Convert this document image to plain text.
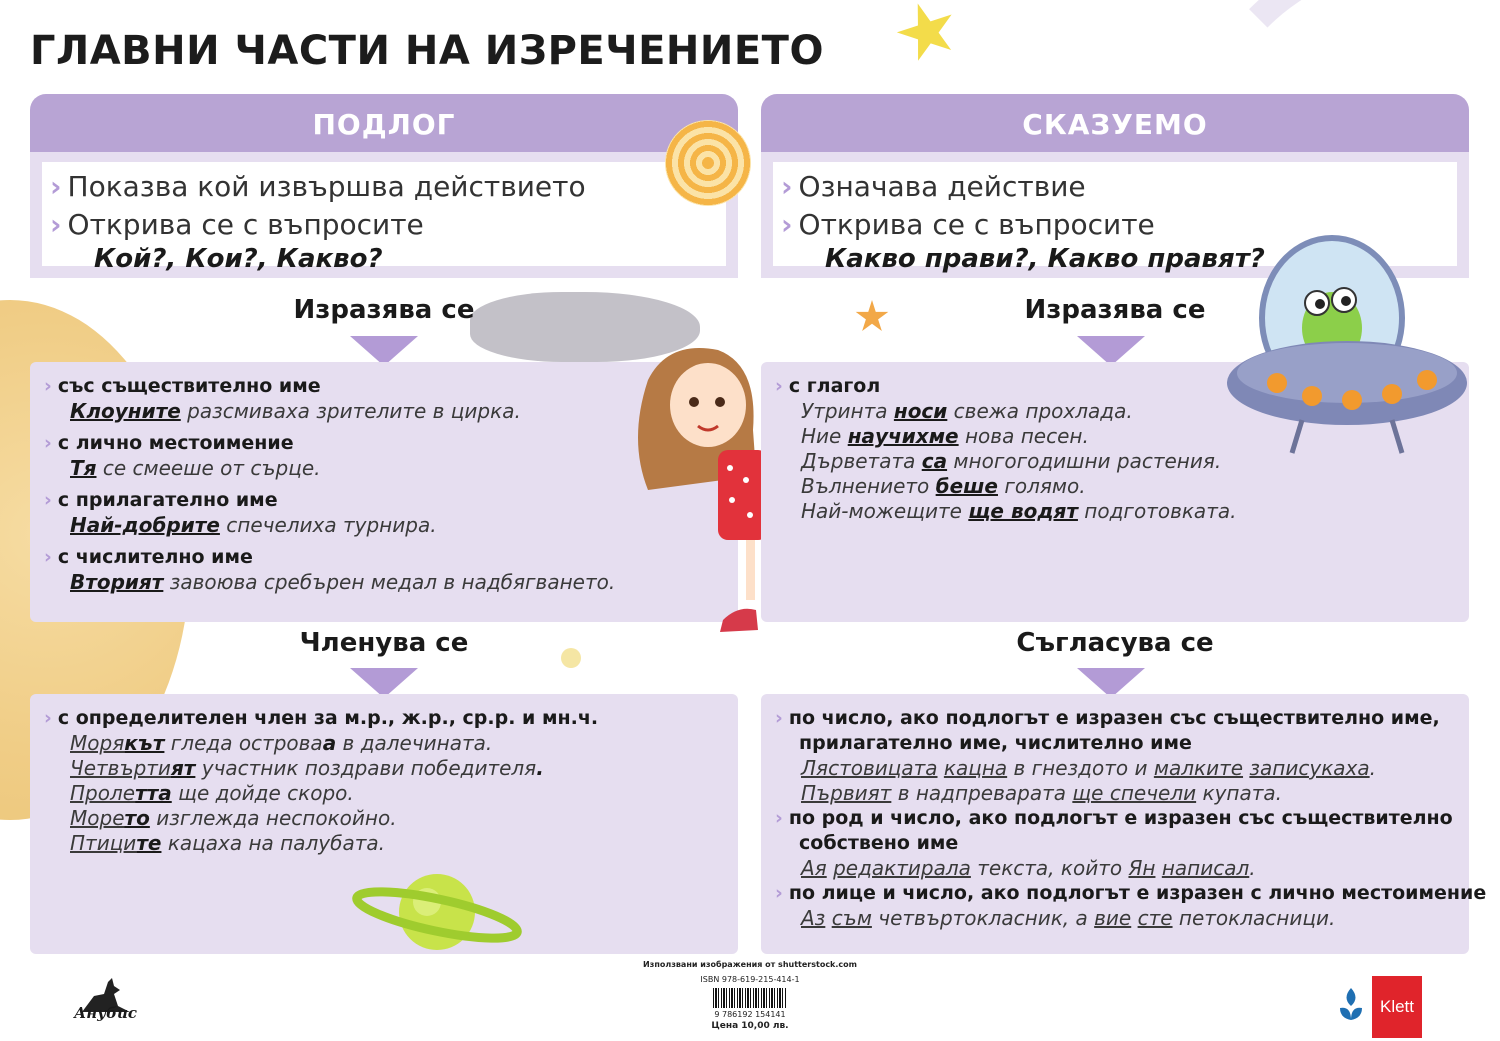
ГЛАВНИ ЧАСТИ НА ИЗРЕЧЕНИЕТО
ПОДЛОГ
› Показва кой извършва действието
› Открива се с въпросите
Кой?, Кои?, Какво?
Изразява се
› със съществително име
Клоуните разсмиваха зрителите в цирка.
› с лично местоимение
Тя се смееше от сърце.
› с прилагателно име
Най-добрите спечелиха турнира.
› с числително име
Вторият завоюва сребърен медал в надбягването.
Членува се
› с определителен член за м.р., ж.р., ср.р. и мн.ч.
Морякът гледа островаа в далечината.
Четвъртият участник поздрави победителя.
Пролетта ще дойде скоро.
Морето изглежда неспокойно.
Птиците кацаха на палубата.
СКАЗУЕМО
› Означава действие
› Открива се с въпросите
Какво прави?, Какво правят?
Изразява се
› с глагол
Утринта носи свежа прохлада.
Ние научихме нова песен.
Дърветата са многогодишни растения.
Вълнението беше голямо.
Най-можещите ще водят подготовката.
Съгласува се
› по число, ако подлогът е изразен със съществително име,
прилагателно име, числително име
Лястовицата кацна в гнездото и малките записукаха.
Първият в надпреварата ще спечели купата.
› по род и число, ако подлогът е изразен със съществително
собствено име
Ая редактирала текста, който Ян написал.
› по лице и число, ако подлогът е изразен с лично местоимение
Аз съм четвъртокласник, а вие сте петокласници.
Анубис
Използвани изображения от shutterstock.com
ISBN 978-619-215-414-1
9 786192 154141
Цена 10,00 лв.
Klett
